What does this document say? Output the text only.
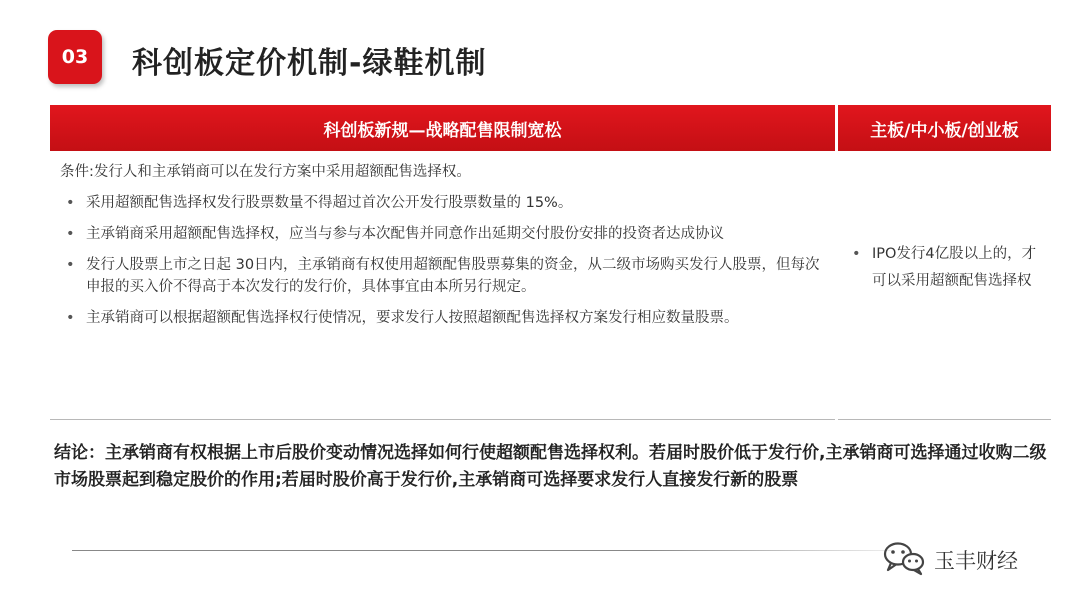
03	科创板定价机制-绿鞋机制
科创板新规—战略配售限制宽松	主板/中小板/创业板

条件:发行人和主承销商可以在发行方案中采用超额配售选择权。

• 采用超额配售选择权发行股票数量不得超过首次公开发行股票数量的 15%。
• 主承销商采用超额配售选择权，应当与参与本次配售并同意作出延期交付股份安排的投资者达成协议
• 发行人股票上市之日起 30日内，主承销商有权使用超额配售股票募集的资金，从二级市场购买发行人股票，但每次申报的买入价不得高于本次发行的发行价，具体事宜由本所另行规定。
• 主承销商可以根据超额配售选择权行使情况，要求发行人按照超额配售选择权方案发行相应数量股票。
• IPO发行4亿股以上的，才可以采用超额配售选择权
结论：主承销商有权根据上市后股价变动情况选择如何行使超额配售选择权利。若届时股价低于发行价,主承销商可选择通过收购二级市场股票起到稳定股价的作用;若届时股价高于发行价,主承销商可选择要求发行人直接发行新的股票
玉丰财经
